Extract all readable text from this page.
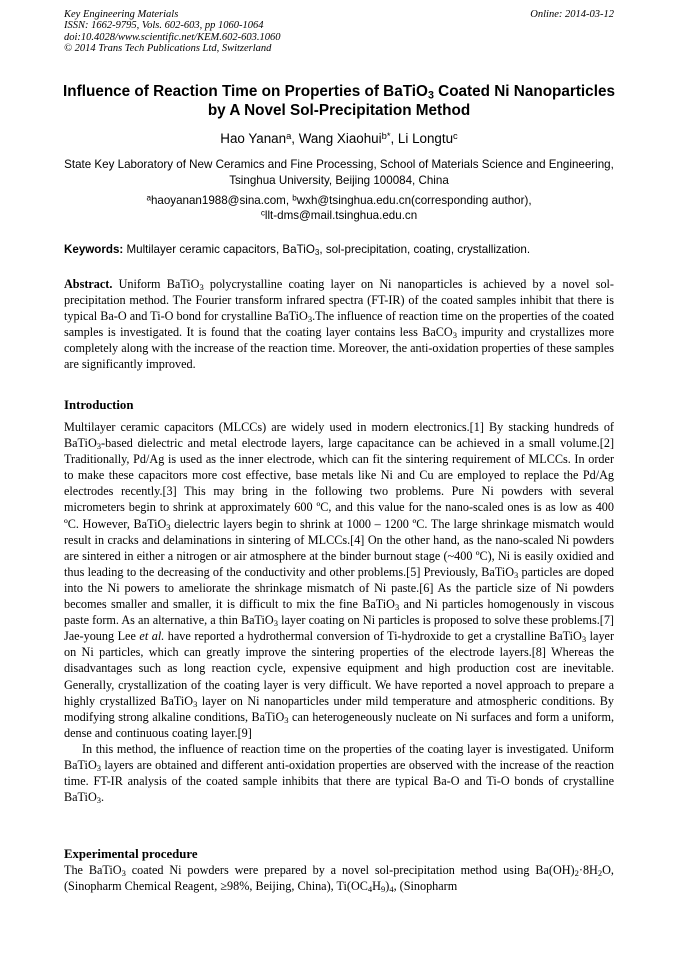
Key Engineering Materials
ISSN: 1662-9795, Vols. 602-603, pp 1060-1064
doi:10.4028/www.scientific.net/KEM.602-603.1060
© 2014 Trans Tech Publications Ltd, Switzerland
Online: 2014-03-12
Influence of Reaction Time on Properties of BaTiO$_3$ Coated Ni Nanoparticles by A Novel Sol-Precipitation Method
Hao Yanan$^a$, Wang Xiaohui$^{b*}$, Li Longtu$^c$
State Key Laboratory of New Ceramics and Fine Processing, School of Materials Science and Engineering, Tsinghua University, Beijing 100084, China
$^a$haoyanan1988@sina.com, $^b$wxh@tsinghua.edu.cn(corresponding author),
$^c$llt-dms@mail.tsinghua.edu.cn
Keywords: Multilayer ceramic capacitors, BaTiO$_3$, sol-precipitation, coating, crystallization.

Abstract. Uniform BaTiO$_3$ polycrystalline coating layer on Ni nanoparticles is achieved by a novel sol-precipitation method. The Fourier transform infrared spectra (FT-IR) of the coated samples inhibit that there is typical Ba-O and Ti-O bond for crystalline BaTiO$_3$.The influence of reaction time on the properties of the coated samples is investigated. It is found that the coating layer contains less BaCO$_3$ impurity and crystallizes more completely along with the increase of the reaction time. Moreover, the anti-oxidation properties of these samples are significantly improved.

Introduction

Multilayer ceramic capacitors (MLCCs) are widely used in modern electronics.[1] By stacking hundreds of BaTiO$_3$-based dielectric and metal electrode layers, large capacitance can be achieved in a small volume.[2] Traditionally, Pd/Ag is used as the inner electrode, which can fit the sintering requirement of MLCCs. In order to make these capacitors more cost effective, base metals like Ni and Cu are employed to replace the Pd/Ag electrodes recently.[3] This may bring in the following two problems. Pure Ni powders with several micrometers begin to shrink at approximately 600 ºC, and this value for the nano-scaled ones is as low as 400 ºC. However, BaTiO$_3$ dielectric layers begin to shrink at 1000 – 1200 ºC. The large shrinkage mismatch would result in cracks and delaminations in sintering of MLCCs.[4] On the other hand, as the nano-scaled Ni powders are sintered in either a nitrogen or air atmosphere at the binder burnout stage (~400 ºC), Ni is easily oxidied and thus leading to the decreasing of the conductivity and other problems.[5] Previously, BaTiO$_3$ particles are doped into the Ni powers to ameliorate the shrinkage mismatch of Ni paste.[6] As the particle size of Ni powders becomes smaller and smaller, it is difficult to mix the fine BaTiO$_3$ and Ni particles homogenously in viscous paste form. As an alternative, a thin BaTiO$_3$ layer coating on Ni particles is proposed to solve these problems.[7] Jae-young Lee et al. have reported a hydrothermal conversion of Ti-hydroxide to get a crystalline BaTiO$_3$ layer on Ni particles, which can greatly improve the sintering properties of the electrode layers.[8] Whereas the disadvantages such as long reaction cycle, expensive equipment and high production cost are inevitable. Generally, crystallization of the coating layer is very difficult. We have reported a novel approach to prepare a highly crystallized BaTiO$_3$ layer on Ni nanoparticles under mild temperature and atmospheric conditions. By modifying strong alkaline conditions, BaTiO$_3$ can heterogeneously nucleate on Ni surfaces and form a uniform, dense and continuous coating layer.[9]

In this method, the influence of reaction time on the properties of the coating layer is investigated. Uniform BaTiO$_3$ layers are obtained and different anti-oxidation properties are observed with the increase of the reaction time. FT-IR analysis of the coated sample inhibits that there are typical Ba-O and Ti-O bonds of crystalline BaTiO$_3$.

Experimental procedure

The BaTiO$_3$ coated Ni powders were prepared by a novel sol-precipitation method using $Ba(OH)_2\cdot 8H_2O$, (Sinopharm Chemical Reagent, ≥98%, Beijing, China), $Ti(OC_4H_9)_4$, (Sinopharm
